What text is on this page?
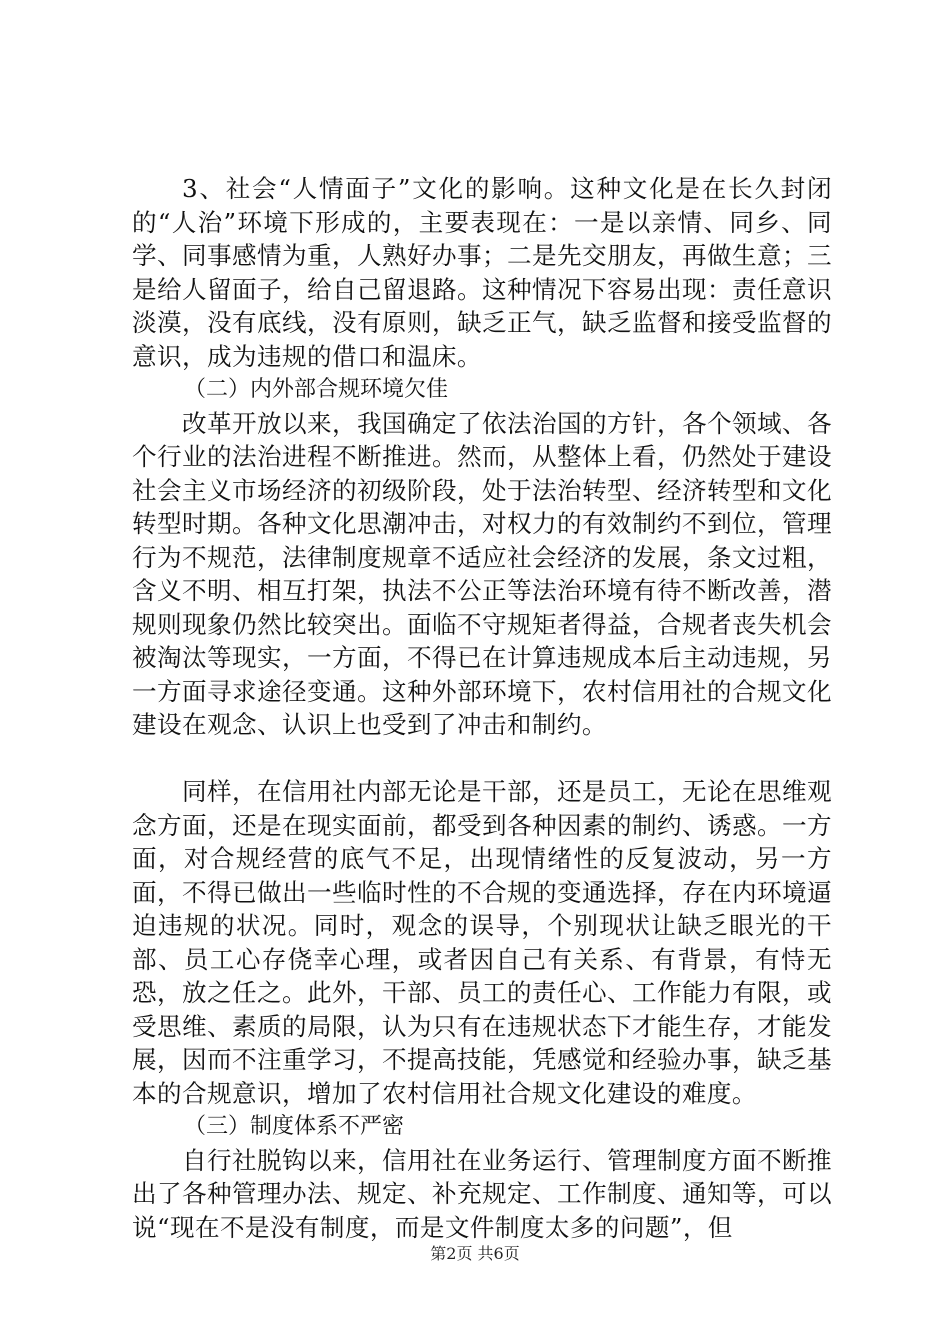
3、社会“人情面子”文化的影响。这种文化是在长久封闭的“人治”环境下形成的，主要表现在：一是以亲情、同乡、同学、同事感情为重，人熟好办事；二是先交朋友，再做生意；三是给人留面子，给自己留退路。这种情况下容易出现：责任意识淡漠，没有底线，没有原则，缺乏正气，缺乏监督和接受监督的意识，成为违规的借口和温床。

（二）内外部合规环境欠佳

改革开放以来，我国确定了依法治国的方针，各个领域、各个行业的法治进程不断推进。然而，从整体上看，仍然处于建设社会主义市场经济的初级阶段，处于法治转型、经济转型和文化转型时期。各种文化思潮冲击，对权力的有效制约不到位，管理行为不规范，法律制度规章不适应社会经济的发展，条文过粗，含义不明、相互打架，执法不公正等法治环境有待不断改善，潜规则现象仍然比较突出。面临不守规矩者得益，合规者丧失机会被淘汰等现实，一方面，不得已在计算违规成本后主动违规，另一方面寻求途径变通。这种外部环境下，农村信用社的合规文化建设在观念、认识上也受到了冲击和制约。

同样，在信用社内部无论是干部，还是员工，无论在思维观念方面，还是在现实面前，都受到各种因素的制约、诱惑。一方面，对合规经营的底气不足，出现情绪性的反复波动，另一方面，不得已做出一些临时性的不合规的变通选择，存在内环境逼迫违规的状况。同时，观念的误导，个别现状让缺乏眼光的干部、员工心存侥幸心理，或者因自己有关系、有背景，有恃无恐，放之任之。此外，干部、员工的责任心、工作能力有限，或受思维、素质的局限，认为只有在违规状态下才能生存，才能发展，因而不注重学习，不提高技能，凭感觉和经验办事，缺乏基本的合规意识，增加了农村信用社合规文化建设的难度。

（三）制度体系不严密

自行社脱钩以来，信用社在业务运行、管理制度方面不断推出了各种管理办法、规定、补充规定、工作制度、通知等，可以说“现在不是没有制度，而是文件制度太多的问题”，但

第2页 共6页
